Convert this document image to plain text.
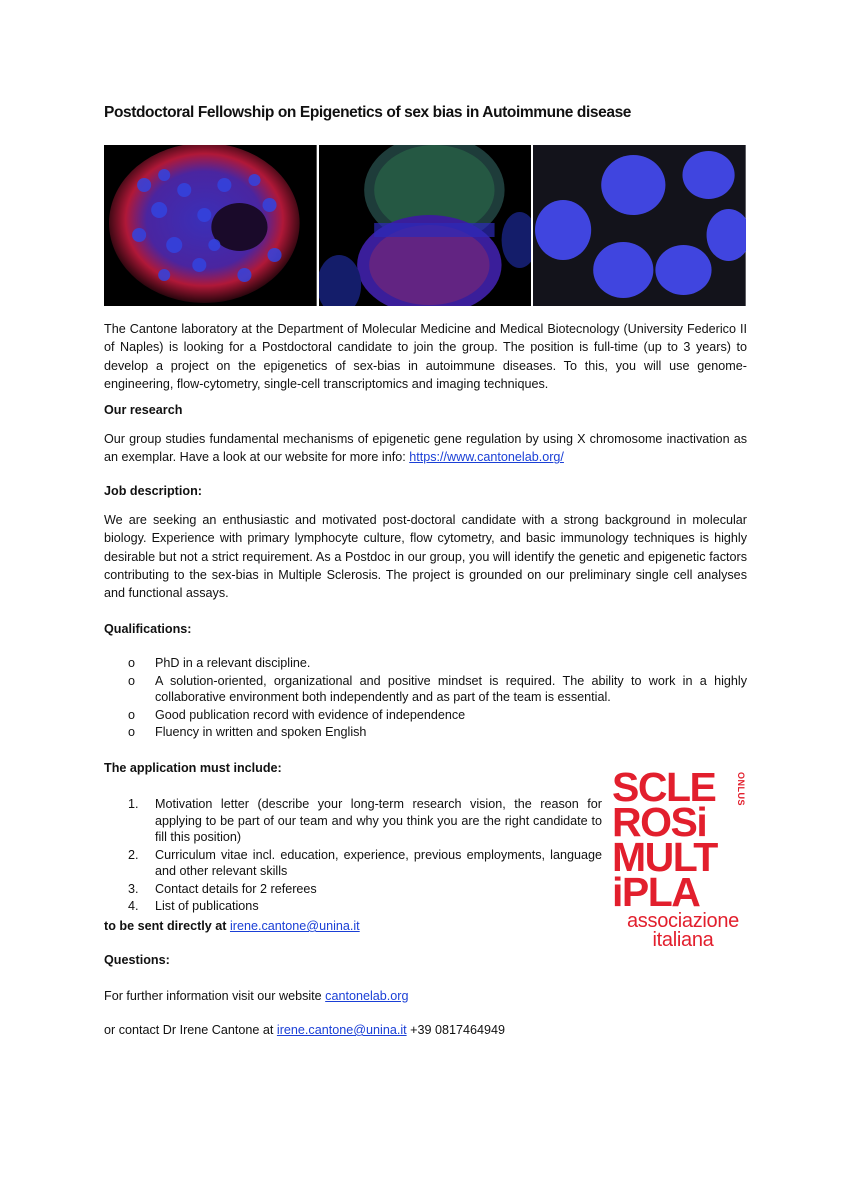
Postdoctoral Fellowship on Epigenetics of sex bias in Autoimmune disease

The Cantone laboratory at the Department of Molecular Medicine and Medical Biotecnology (University Federico II of Naples) is looking for a Postdoctoral candidate to join the group. The position is full-time (up to 3 years) to develop a project on the epigenetics of sex-bias in autoimmune diseases. To this, you will use genome-engineering, flow-cytometry, single-cell transcriptomics and imaging techniques.

Our research

Our group studies fundamental mechanisms of epigenetic gene regulation by using X chromosome inactivation as an exemplar. Have a look at our website for more info: https://www.cantonelab.org/

Job description:

We are seeking an enthusiastic and motivated post-doctoral candidate with a strong background in molecular biology. Experience with primary lymphocyte culture, flow cytometry, and basic immunology techniques is highly desirable but not a strict requirement. As a Postdoc in our group, you will identify the genetic and epigenetic factors contributing to the sex-bias in Multiple Sclerosis. The project is grounded on our preliminary single cell analyses and functional assays.

Qualifications:

o PhD in a relevant discipline.
o A solution-oriented, organizational and positive mindset is required. The ability to work in a highly collaborative environment both independently and as part of the team is essential.
o Good publication record with evidence of independence
o Fluency in written and spoken English

The application must include:

1. Motivation letter (describe your long-term research vision, the reason for applying to be part of our team and why you think you are the right candidate to fill this position)
2. Curriculum vitae incl. education, experience, previous employments, language and other relevant skills
3. Contact details for 2 referees
4. List of publications

to be sent directly at irene.cantone@unina.it

Questions:

For further information visit our website cantonelab.org

or contact Dr Irene Cantone at irene.cantone@unina.it +39 0817464949

ONLUS
SCLE
ROSi
MULT
iPLA
associazione
italiana
